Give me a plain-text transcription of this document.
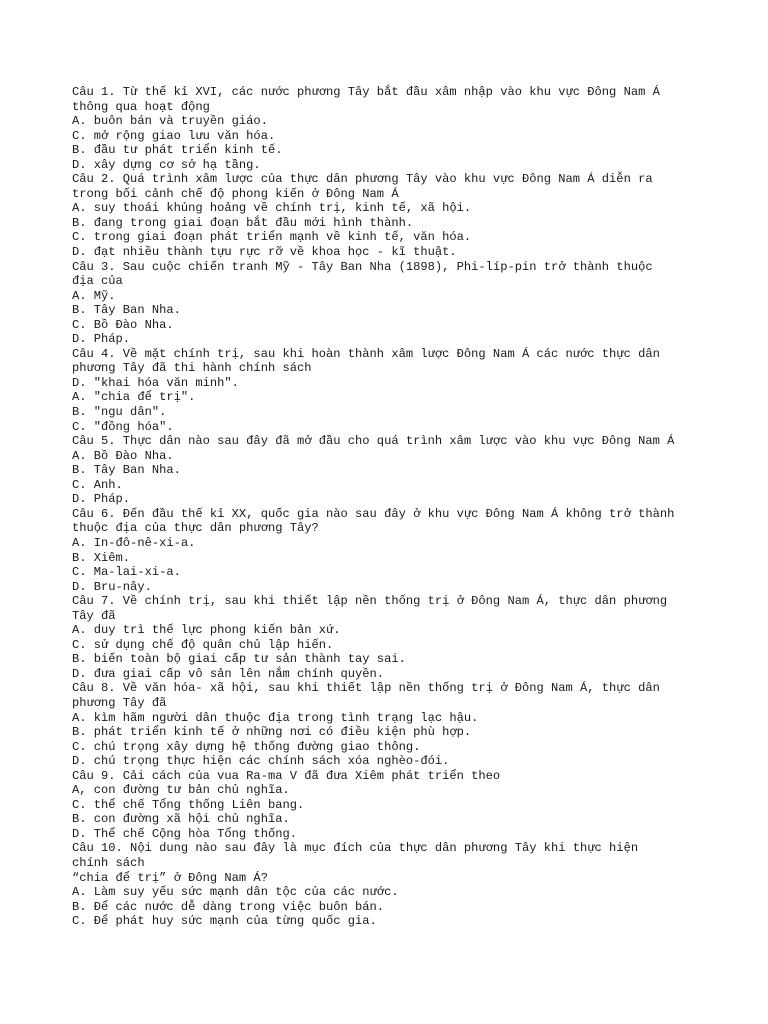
Câu 1. Từ thế kỉ XVI, các nước phương Tây bắt đầu xâm nhập vào khu vực Đông Nam Á
thông qua hoạt động
A. buôn bán và truyền giáo.
C. mở rộng giao lưu văn hóa.
B. đầu tư phát triển kinh tế.
D. xây dựng cơ sở hạ tầng.
Câu 2. Quá trình xâm lược của thực dân phương Tây vào khu vực Đông Nam Á diễn ra
trong bối cảnh chế độ phong kiến ở Đông Nam Á
A. suy thoái khủng hoảng về chính trị, kinh tế, xã hội.
B. đang trong giai đoạn bắt đầu mới hình thành.
C. trong giai đoạn phát triển mạnh về kinh tế, văn hóa.
D. đạt nhiều thành tựu rực rỡ về khoa học - kĩ thuật.
Câu 3. Sau cuộc chiến tranh Mỹ - Tây Ban Nha (1898), Phi-líp-pin trở thành thuộc
địa của
A. Mỹ.
B. Tây Ban Nha.
C. Bồ Đào Nha.
D. Pháp.
Câu 4. Về mặt chính trị, sau khi hoàn thành xâm lược Đông Nam Á các nước thực dân
phương Tây đã thi hành chính sách
D. "khai hóa văn minh".
A. "chia để trị".
B. "ngu dân".
C. "đồng hóa".
Câu 5. Thực dân nào sau đây đã mở đầu cho quá trình xâm lược vào khu vực Đông Nam Á
A. Bồ Đào Nha.
B. Tây Ban Nha.
C. Anh.
D. Pháp.
Câu 6. Đến đầu thế kỉ XX, quốc gia nào sau đây ở khu vực Đông Nam Á không trở thành
thuộc địa của thực dân phương Tây?
A. In-đô-nê-xi-a.
B. Xiêm.
C. Ma-lai-xi-a.
D. Bru-nây.
Câu 7. Về chính trị, sau khi thiết lập nền thống trị ở Đông Nam Á, thực dân phương
Tây đã
A. duy trì thế lực phong kiến bản xứ.
C. sử dụng chế độ quân chủ lập hiến.
B. biến toàn bộ giai cấp tư sản thành tay sai.
D. đưa giai cấp vô sản lên nắm chính quyền.
Câu 8. Về văn hóa- xã hội, sau khi thiết lập nền thống trị ở Đông Nam Á, thực dân
phương Tây đã
A. kìm hãm người dân thuộc địa trong tình trạng lạc hậu.
B. phát triển kinh tế ở những nơi có điều kiện phù hợp.
C. chú trọng xây dựng hệ thống đường giao thông.
D. chú trọng thực hiện các chính sách xóa nghèo-đói.
Câu 9. Cải cách của vua Ra-ma V đã đưa Xiêm phát triển theo
A, con đường tư bản chủ nghĩa.
C. thể chế Tổng thống Liên bang.
B. con đường xã hội chủ nghĩa.
D. Thể chế Cộng hòa Tổng thống.
Câu 10. Nội dung nào sau đây là mục đích của thực dân phương Tây khi thực hiện
chính sách
“chia để trị” ở Đông Nam Á?
A. Làm suy yếu sức mạnh dân tộc của các nước.
B. Để các nước dễ dàng trong việc buôn bán.
C. Để phát huy sức mạnh của từng quốc gia.
